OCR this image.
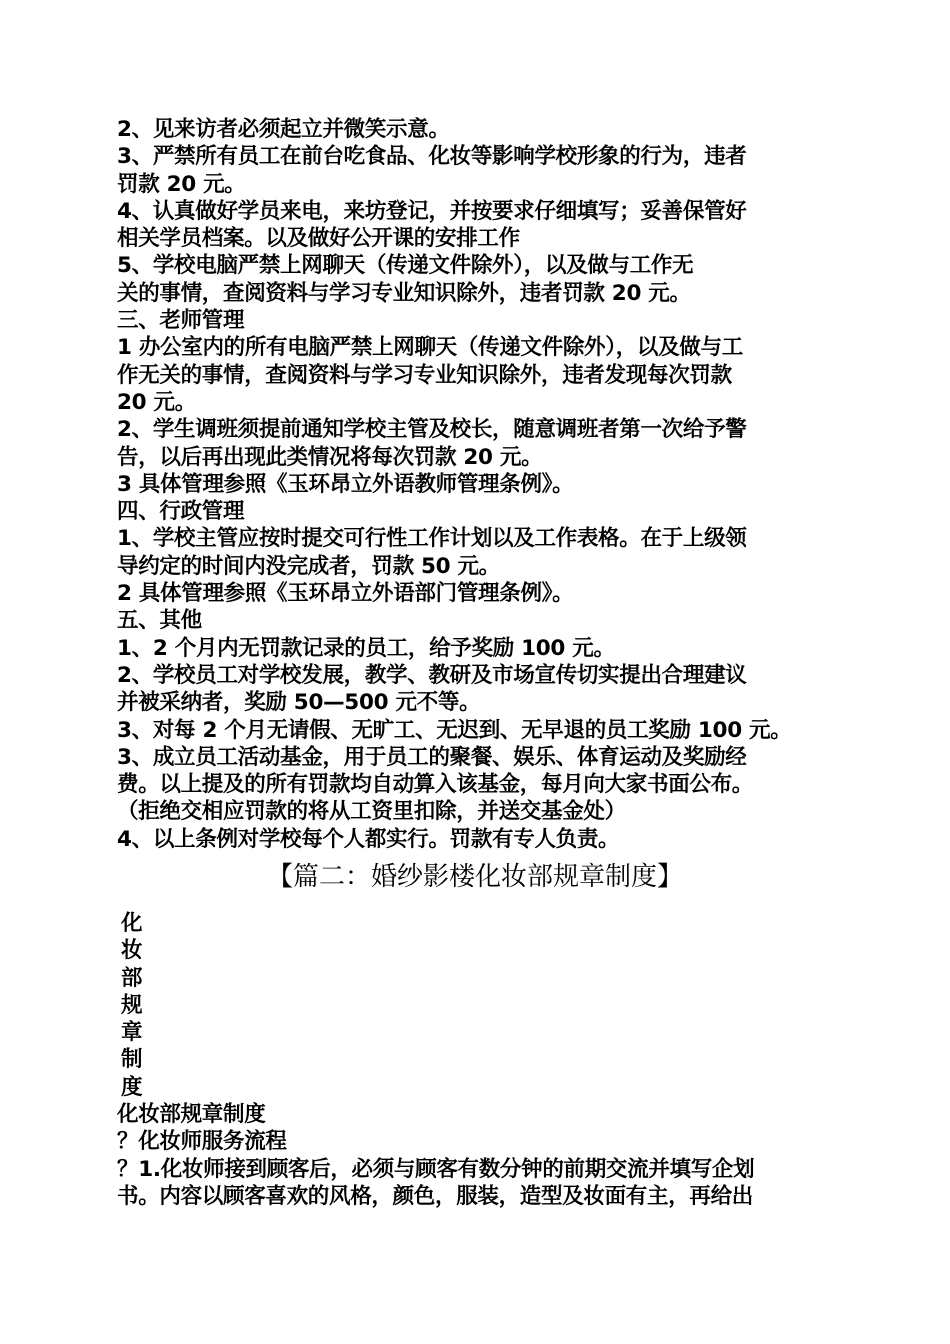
2、见来访者必须起立并微笑示意。
3、严禁所有员工在前台吃食品、化妆等影响学校形象的行为，违者
罚款 20 元。
4、认真做好学员来电，来坊登记，并按要求仔细填写；妥善保管好
相关学员档案。以及做好公开课的安排工作
5、学校电脑严禁上网聊天（传递文件除外），以及做与工作无
关的事情，查阅资料与学习专业知识除外，违者罚款 20 元。
三、老师管理
1 办公室内的所有电脑严禁上网聊天（传递文件除外），以及做与工
作无关的事情，查阅资料与学习专业知识除外，违者发现每次罚款
20 元。
2、学生调班须提前通知学校主管及校长，随意调班者第一次给予警
告，以后再出现此类情况将每次罚款 20 元。
3 具体管理参照《玉环昂立外语教师管理条例》。
四、行政管理
1、学校主管应按时提交可行性工作计划以及工作表格。在于上级领
导约定的时间内没完成者，罚款 50 元。
2 具体管理参照《玉环昂立外语部门管理条例》。
五、其他
1、2 个月内无罚款记录的员工，给予奖励 100 元。
2、学校员工对学校发展，教学、教研及市场宣传切实提出合理建议
并被采纳者，奖励 50—500 元不等。
3、对每 2 个月无请假、无旷工、无迟到、无早退的员工奖励 100 元。
3、成立员工活动基金，用于员工的聚餐、娱乐、体育运动及奖励经
费。以上提及的所有罚款均自动算入该基金，每月向大家书面公布。
（拒绝交相应罚款的将从工资里扣除，并送交基金处）
4、以上条例对学校每个人都实行。罚款有专人负责。
【篇二：婚纱影楼化妆部规章制度】
化
妆
部
规
章
制
度
化妆部规章制度
？化妆师服务流程
？1.化妆师接到顾客后，必须与顾客有数分钟的前期交流并填写企划
书。内容以顾客喜欢的风格，颜色，服装，造型及妆面有主，再给出
